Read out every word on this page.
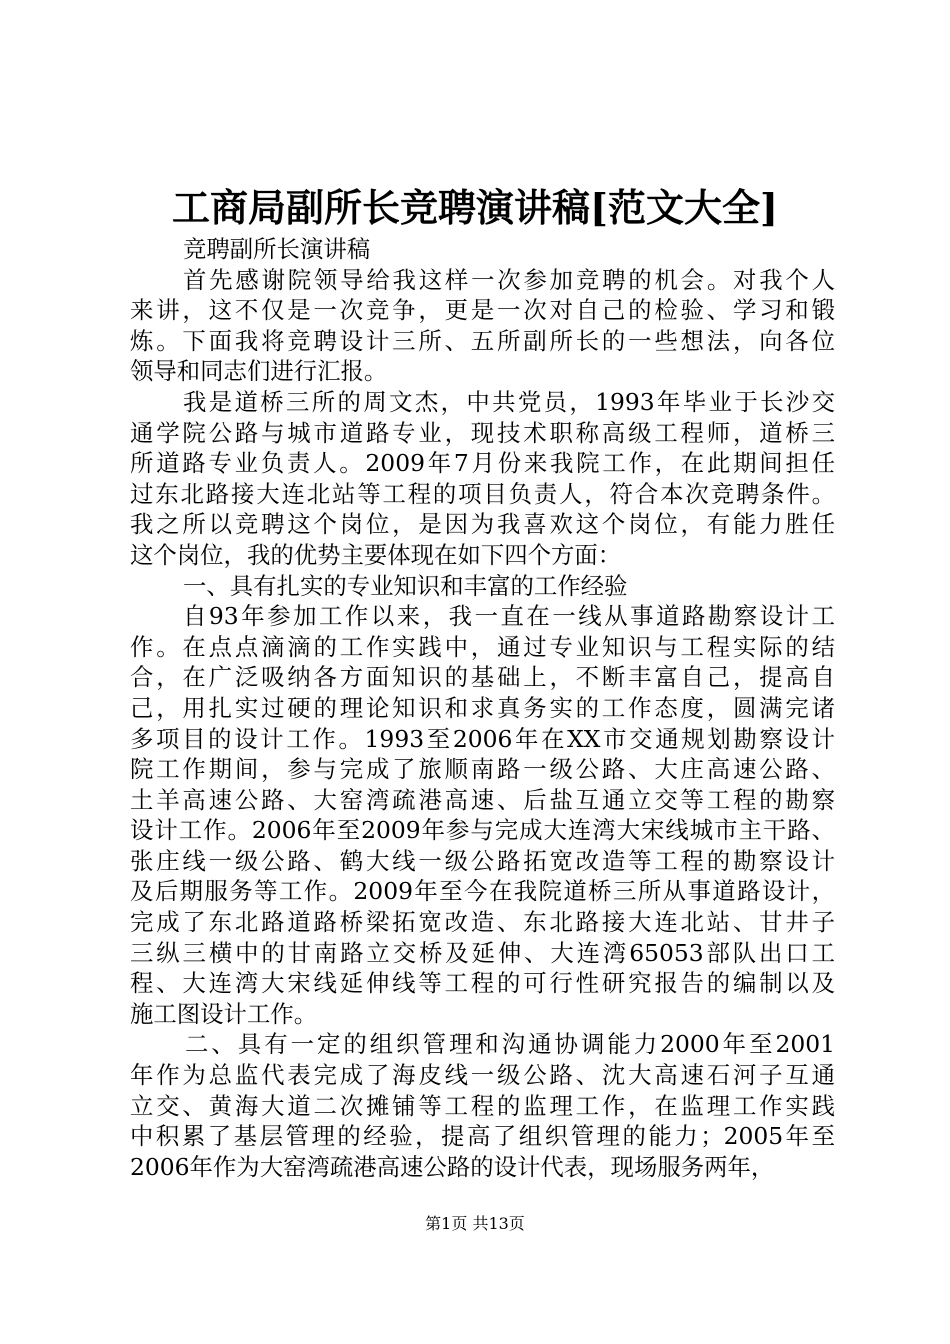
工商局副所长竞聘演讲稿[范文大全]
竞聘副所长演讲稿
首先感谢院领导给我这样一次参加竞聘的机会。对我个人
来讲，这不仅是一次竞争，更是一次对自己的检验、学习和锻
炼。下面我将竞聘设计三所、五所副所长的一些想法，向各位
领导和同志们进行汇报。
我是道桥三所的周文杰，中共党员，1993年毕业于长沙交
通学院公路与城市道路专业，现技术职称高级工程师，道桥三
所道路专业负责人。2009年7月份来我院工作，在此期间担任
过东北路接大连北站等工程的项目负责人，符合本次竞聘条件。
我之所以竞聘这个岗位，是因为我喜欢这个岗位，有能力胜任
这个岗位，我的优势主要体现在如下四个方面：
一、具有扎实的专业知识和丰富的工作经验
自93年参加工作以来，我一直在一线从事道路勘察设计工
作。在点点滴滴的工作实践中，通过专业知识与工程实际的结
合，在广泛吸纳各方面知识的基础上，不断丰富自己，提高自
己，用扎实过硬的理论知识和求真务实的工作态度，圆满完诸
多项目的设计工作。1993至2006年在XX市交通规划勘察设计
院工作期间，参与完成了旅顺南路一级公路、大庄高速公路、
土羊高速公路、大窑湾疏港高速、后盐互通立交等工程的勘察
设计工作。2006年至2009年参与完成大连湾大宋线城市主干路、
张庄线一级公路、鹤大线一级公路拓宽改造等工程的勘察设计
及后期服务等工作。2009年至今在我院道桥三所从事道路设计，
完成了东北路道路桥梁拓宽改造、东北路接大连北站、甘井子
三纵三横中的甘南路立交桥及延伸、大连湾65053部队出口工
程、大连湾大宋线延伸线等工程的可行性研究报告的编制以及
施工图设计工作。
二、具有一定的组织管理和沟通协调能力2000年至2001
年作为总监代表完成了海皮线一级公路、沈大高速石河子互通
立交、黄海大道二次摊铺等工程的监理工作，在监理工作实践
中积累了基层管理的经验，提高了组织管理的能力；2005年至
2006年作为大窑湾疏港高速公路的设计代表，现场服务两年，
第1页 共13页
